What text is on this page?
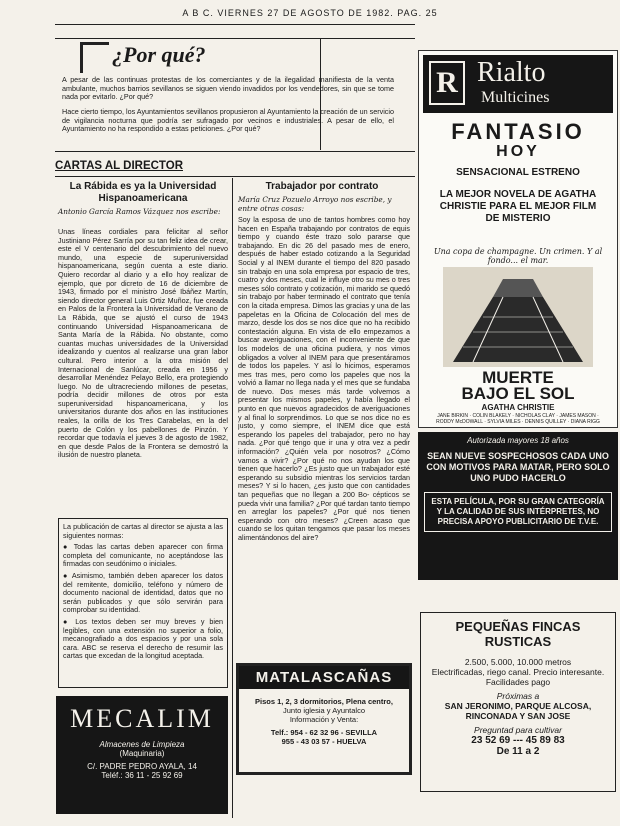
A B C. VIERNES 27 DE AGOSTO DE 1982. PAG. 25
¿Por qué?
A pesar de las continuas protestas de los comerciantes y de la ilegalidad manifiesta de la venta ambulante, muchos barrios sevillanos se siguen viendo invadidos por los vendedores, sin que se tome nada por evitarlo. ¿Por qué?
Hace cierto tiempo, los Ayuntamientos sevillanos propusieron al Ayuntamiento la creación de un servicio de vigilancia nocturna que podría ser sufragado por vecinos e industriales. A pesar de ello, el Ayuntamiento no ha respondido a estas peticiones. ¿Por qué?
CARTAS AL DIRECTOR
La Rábida es ya la Universidad Hispanoamericana
Antonio García Ramos Vázquez nos escribe:
Unas líneas cordiales para felicitar al señor Justiniano Pérez Sarría por su tan feliz idea de crear, este el V centenario del descubrimiento del nuevo mundo, una especie de superuniversidad hispanoamericana, según cuenta a este diario. Quiero recordar al diario y a ello hoy realizar de ejemplo, que por dicreto de 16 de diciembre de 1943, firmado por el ministro José Ibáñez Martín, siendo director general Luis Ortiz Muñoz, fue creada en Palos de la Frontera la Universidad de Verano de La Rábida, que se ajustó el curso de 1943 continuando Universidad Hispanoamericana de Santa María de la Rábida. No obstante, como cuantas muchas universidades de la Universidad idealizando y cuentos al realizarse una gran labor cultural. Pero interior a la otra misión del Internacional de Sanlúcar, creada en 1956 y desarrollar Menéndez Pelayo Bello, era protegiendo luego. No de ultracreciendo millones de pesetas, podría decidir millones de otros por esta superuniversidad hispanoamericana, y los universitarios durante dos años en las instituciones reales, la orilla de los Tres Carabelas, en la del puerto de Colón y los pabellones de Pinzón. Y recordar que todavía el jueves 3 de agosto de 1982, en que desde Palos de la Frontera se demostró la ilusión de nuestro planeta.
La publicación de cartas al director se ajusta a las siguientes normas:
● Todas las cartas deben aparecer con firma completa del comunicante, no aceptándose las firmadas con seudónimo o iniciales.
● Asimismo, también deben aparecer los datos del remitente, domicilio, teléfono y número de documento nacional de identidad, datos que no serán publicados y que sólo servirán para comprobar su identidad.
● Los textos deben ser muy breves y bien legibles, con una extensión no superior a folio, mecanografiado a dos espacios y por una sola cara. ABC se reserva el derecho de resumir las cartas que excedan de la longitud aceptada.
MECALIM
Almacenes de Limpieza
(Maquinaria)
C/. PADRE PEDRO AYALA, 14
Teléf.: 36 11 - 25 92 69
Trabajador por contrato
María Cruz Pozuelo Arroyo nos escribe, y entre otras cosas:
Soy la esposa de uno de tantos hombres como hoy hacen en España trabajando por contratos de equis tiempo y cuando éste trazo solo pararse que trabajando. En dic 26 del pasado mes de enero, después de haber estado cotizando a la Seguridad Social y al INEM durante el tiempo del 820 pasado sin trabajo en una sola empresa por espacio de tres, cuatro y dos meses, cual le influye otro su mes o tres meses sólo contrato y cotización, mi marido se quedó sin trabajo por haber terminado el contrato que tenía con la citada empresa. Dimos las gracias y una de las papeletas en la Oficina de Colocación del mes de marzo, desde los dos se nos dice que no ha recibido contestación alguna. En vista de ello empezamos a buscar averiguaciones, con el inconveniente de que los modelos de una oficina pudiera, y nos vimos obligados a volver al INEM para que presentáramos de todos los papeles. Y así lo hicimos, esperamos mes tras mes, pero como los papeles que nos la volvió a llamar no llega nada y el mes que se fundaba de nuevo. Dos meses más tarde volvemos a presentar los mismos papeles, y había llegado el punto en que nuevos agradecidos de averiguaciones y al final lo sorprendimos. Lo que se nos dice no es justo, y como siempre, el INEM dice que está esperando los papeles del trabajador, pero no hay nada. ¿Por qué tengo que ir una y otra vez a pedir información? ¿Quién vela por nosotros? ¿Cómo vamos a vivir? ¿Por qué no nos ayudan los que tienen que hacerlo? ¿Es justo que un trabajador esté esperando su subsidio mientras los servicios tardan meses? Y si lo hacen, ¿es justo que con cantidades tan pequeñas que no llegan a 200 Bo- cépticos se pueda vivir una familia? ¿Por qué tardan tanto tiempo en arreglar los papeles? ¿Por qué nos tienen esperando con otro meses? ¿Creen acaso que cuando se los quitan tengamos que pasar los meses alimentándonos del aire?
MATALASCAÑAS
Pisos 1, 2, 3 dormitorios, Plena centro,
Junto iglesia y Ayuntalco
Información y Venta:
Telf.: 954 - 62 32 96 - SEVILLA
955 - 43 03 57 - HUELVA
R Rialto
Multicines
FANTASIO
HOY
SENSACIONAL ESTRENO
LA MEJOR NOVELA DE AGATHA CHRISTIE PARA EL MEJOR FILM DE MISTERIO
Una copa de champagne. Un crimen. Y al fondo... el mar.
MUERTE
BAJO EL SOL
AGATHA CHRISTIE
JANE BIRKIN · COLIN BLAKELY · NICHOLAS CLAY · JAMES MASON · RODDY McDOWALL · SYLVIA MILES · DENNIS QUILLEY · DIANA RIGG
Autorizada mayores 18 años
SEAN NUEVE SOSPECHOSOS CADA UNO CON MOTIVOS PARA MATAR, PERO SOLO UNO PUDO HACERLO
ESTA PELÍCULA, POR SU GRAN CATEGORÍA Y LA CALIDAD DE SUS INTÉRPRETES, NO PRECISA APOYO PUBLICITARIO DE T.V.E.
PEQUEÑAS FINCAS
RUSTICAS
2.500, 5.000, 10.000 metros
Electrificadas, riego canal. Precio interesante. Facilidades pago
Próximas a
SAN JERONIMO, PARQUE ALCOSA, RINCONADA Y SAN JOSE
Preguntad para cultivar
23 52 69 --- 45 89 83
De 11 a 2
